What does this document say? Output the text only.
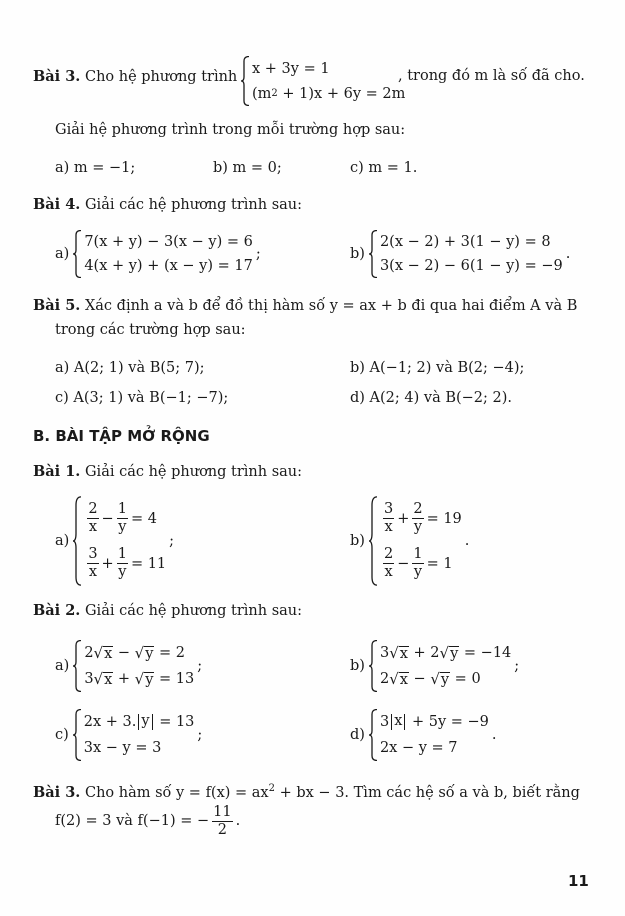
Bài 3. Cho hệ phương trình
x + 3y = 1
(m 2 + 1)x + 6y = 2m
, trong đó m là số đã cho.
Giải hệ phương trình trong mỗi trường hợp sau:
a) m = −1;	b) m = 0;	c) m = 1.
Bài 4. Giải các hệ phương trình sau:
a)
7(x + y) − 3(x − y) = 6
4(x + y) + (x − y) = 17
;	b)
2(x − 2) + 3(1 − y) = 8
3(x − 2) − 6(1 − y) = −9
.
Bài 5. Xác định a và b để đồ thị hàm số y = ax + b đi qua hai điểm A và B
trong các trường hợp sau:
a) A(2; 1) và B(5; 7);	b) A(−1; 2) và B(2; −4);
c) A(3; 1) và B(−1; −7);	d) A(2; 4) và B(−2; 2).
B. BÀI TẬP MỞ RỘNG
Bài 1. Giải các hệ phương trình sau:
a)
$\frac{2}{x} - \frac{1}{y} = 4$
$\frac{3}{x} + \frac{1}{y} = 11$
;	b)
$\frac{3}{x} + \frac{2}{y} = 19$
$\frac{2}{x} - \frac{1}{y} = 1$
.
Bài 2. Giải các hệ phương trình sau:
a)
2 √ x − √ y = 2
3 √ x + √ y = 13
;	b)
3 √ x + 2 √ y = −14
2 √ x − √ y = 0
;
c)
2x + 3. y = 13
3x − y = 3
;	d)
3 x + 5y = −9
2x − y = 7
.
Bài 3. Cho hàm số $y = f(x) = ax^2$ + bx − 3. Tìm các hệ số a và b, biết rằng
f(2) = 3 và f(−1) = − $\frac{11}{2}$ .
11
